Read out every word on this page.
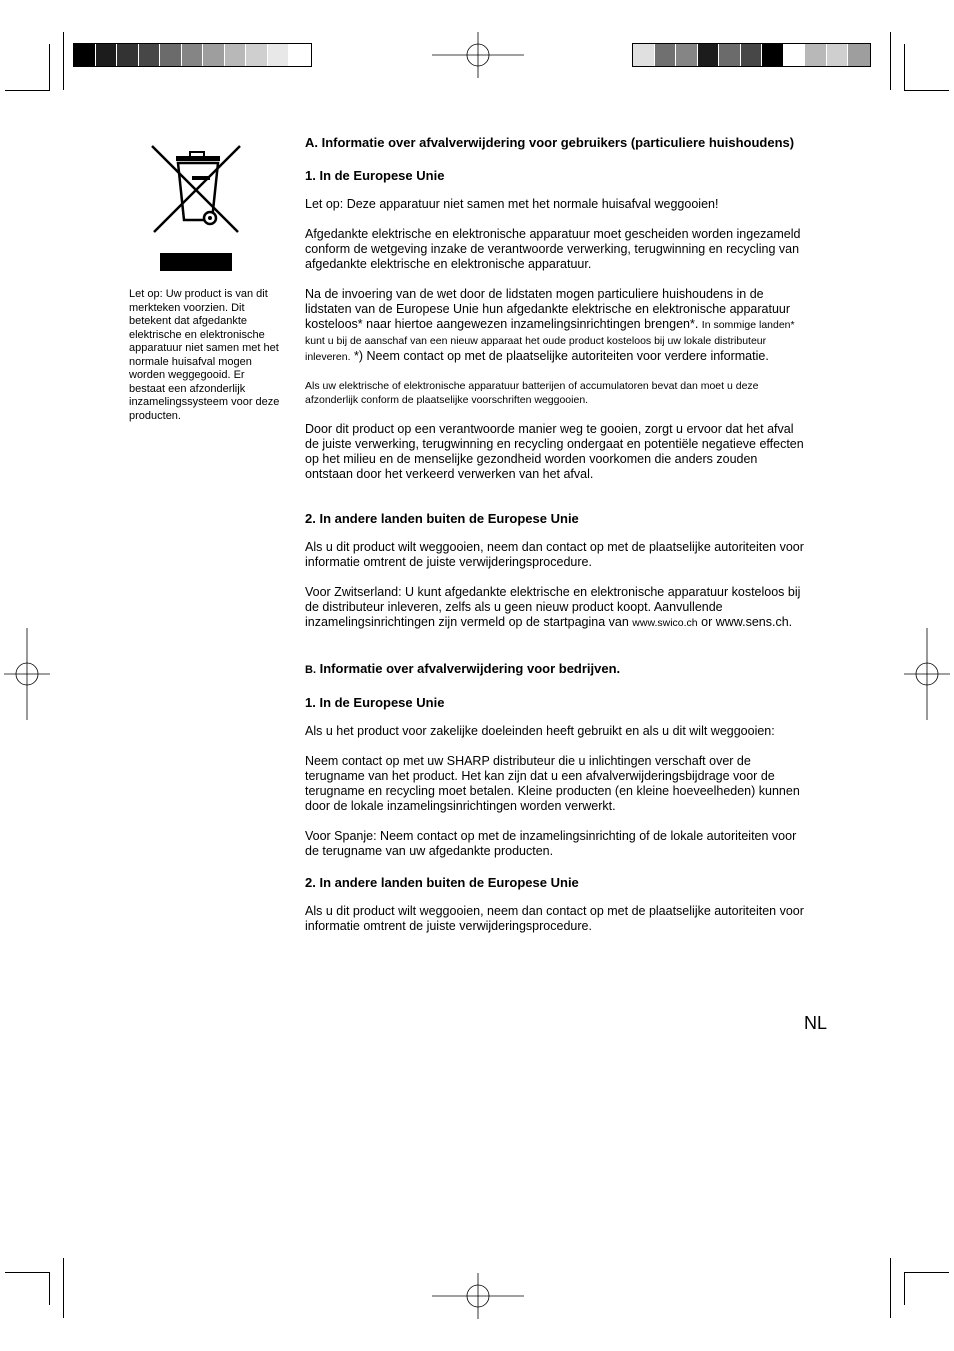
Let op: Uw product is van dit merkteken voorzien. Dit betekent dat afgedankte elektrische en elektronische apparatuur niet samen met het normale huisafval mogen worden weggegooid. Er bestaat een afzonderlijk inzamelingssysteem voor deze producten.
A. Informatie over afvalverwijdering voor gebruikers (particuliere huishoudens)
1. In de Europese Unie

Let op: Deze apparatuur niet samen met het normale huisafval weggooien!

Afgedankte elektrische en elektronische apparatuur moet gescheiden worden ingezameld conform de wetgeving inzake de verantwoorde verwerking, terugwinning en recycling van afgedankte elektrische en elektronische apparatuur.

Na de invoering van de wet door de lidstaten mogen particuliere huishoudens in de lidstaten van de Europese Unie hun afgedankte elektrische en elektronische apparatuur kosteloos* naar hiertoe aangewezen inzamelingsinrichtingen brengen*. In sommige landen* kunt u bij de aanschaf van een nieuw apparaat het oude product kosteloos bij uw lokale distributeur inleveren. *) Neem contact op met de plaatselijke autoriteiten voor verdere informatie.

Als uw elektrische of elektronische apparatuur batterijen of accumulatoren bevat dan moet u deze afzonderlijk conform de plaatselijke voorschriften weggooien.

Door dit product op een verantwoorde manier weg te gooien, zorgt u ervoor dat het afval de juiste verwerking, terugwinning en recycling ondergaat en potentiële negatieve effecten op het milieu en de menselijke gezondheid worden voorkomen die anders zouden ontstaan door het verkeerd verwerken van het afval.

2. In andere landen buiten de Europese Unie

Als u dit product wilt weggooien, neem dan contact op met de plaatselijke autoriteiten voor informatie omtrent de juiste verwijderingsprocedure.

Voor Zwitserland: U kunt afgedankte elektrische en elektronische apparatuur kosteloos bij de distributeur inleveren, zelfs als u geen nieuw product koopt. Aanvullende inzamelingsinrichtingen zijn vermeld op de startpagina van www.swico.ch or www.sens.ch.

B. Informatie over afvalverwijdering voor bedrijven.
1. In de Europese Unie

Als u het product voor zakelijke doeleinden heeft gebruikt en als u dit wilt weggooien:

Neem contact op met uw SHARP distributeur die u inlichtingen verschaft over de terugname van het product. Het kan zijn dat u een afvalverwijderingsbijdrage voor de terugname en recycling moet betalen. Kleine producten (en kleine hoeveelheden) kunnen door de lokale inzamelingsinrichtingen worden verwerkt.

Voor Spanje: Neem contact op met de inzamelingsinrichting of de lokale autoriteiten voor de terugname van uw afgedankte producten.

2. In andere landen buiten de Europese Unie

Als u dit product wilt weggooien, neem dan contact op met de plaatselijke autoriteiten voor informatie omtrent de juiste verwijderingsprocedure.

NL
